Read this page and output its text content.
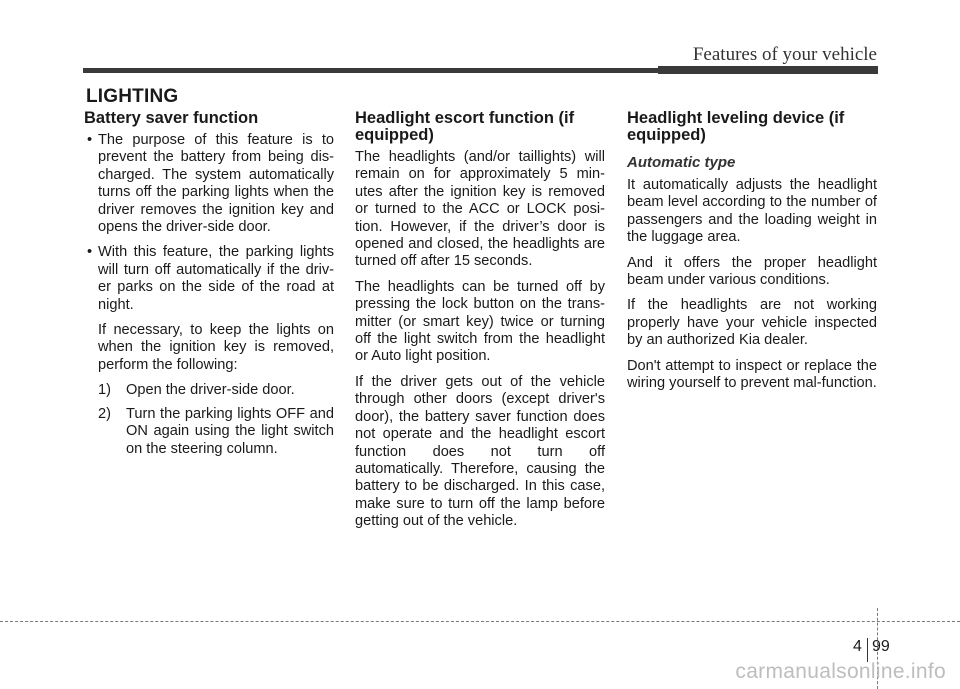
Features of your vehicle
LIGHTING
Battery saver function
• The purpose of this feature is to prevent the battery from being dis-charged. The system automatically turns off the parking lights when the driver removes the ignition key and opens the driver-side door.
• With this feature, the parking lights will turn off automatically if the driv-er parks on the side of the road at night.

If necessary, to keep the lights on when the ignition key is removed, perform the following:

1) Open the driver-side door.
2) Turn the parking lights OFF and ON again using the light switch on the steering column.
Headlight escort function (if equipped)

The headlights (and/or taillights) will remain on for approximately 5 min-utes after the ignition key is removed or turned to the ACC or LOCK posi-tion. However, if the driver’s door is opened and closed, the headlights are turned off after 15 seconds.

The headlights can be turned off by pressing the lock button on the trans-mitter (or smart key) twice or turning off the light switch from the headlight or Auto light position.

If the driver gets out of the vehicle through other doors (except driver's door), the battery saver function does not operate and the headlight escort function does not turn off automatically. Therefore, causing the battery to be discharged. In this case, make sure to turn off the lamp before getting out of the vehicle.

Headlight leveling device (if equipped)
Automatic type

It automatically adjusts the headlight beam level according to the number of passengers and the loading weight in the luggage area.

And it offers the proper headlight beam under various conditions.

If the headlights are not working properly have your vehicle inspected by an authorized Kia dealer.

Don't attempt to inspect or replace the wiring yourself to prevent mal-function.

4 99
carmanualsonline.info
